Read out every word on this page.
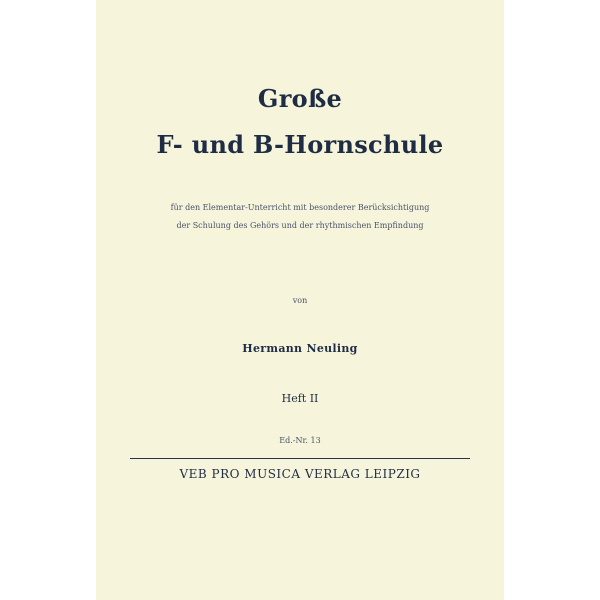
Große
F- und B-Hornschule
für den Elementar-Unterricht mit besonderer Berücksichtigung
der Schulung des Gehörs und der rhythmischen Empfindung
von
Hermann Neuling
Heft II
Ed.-Nr. 13
VEB PRO MUSICA VERLAG LEIPZIG
